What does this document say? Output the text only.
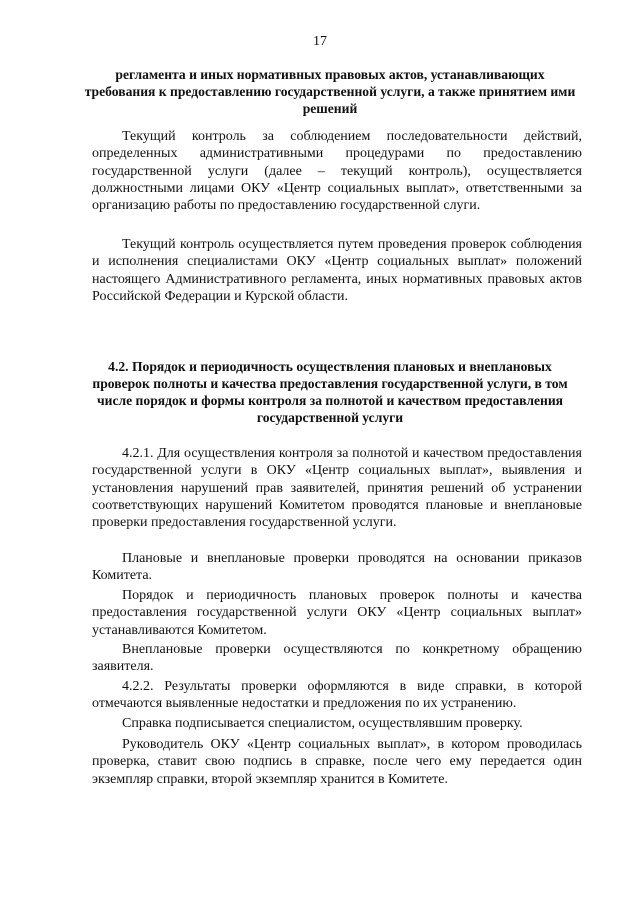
17
регламента и иных нормативных правовых актов, устанавливающих требования к предоставлению государственной услуги, а также принятием ими решений
Текущий контроль за соблюдением последовательности действий, определенных административными процедурами по предоставлению государственной услуги (далее – текущий контроль), осуществляется должностными лицами ОКУ «Центр социальных выплат», ответственными за организацию работы по предоставлению государственной слуги.
Текущий контроль осуществляется путем проведения проверок соблюдения и исполнения специалистами ОКУ «Центр социальных выплат» положений настоящего Административного регламента, иных нормативных правовых актов Российской Федерации и Курской области.
4.2. Порядок и периодичность осуществления плановых и внеплановых проверок полноты и качества предоставления государственной услуги, в том числе порядок и формы контроля за полнотой и качеством предоставления государственной услуги
4.2.1. Для осуществления контроля за полнотой и качеством предоставления государственной услуги в ОКУ «Центр социальных выплат», выявления и установления нарушений прав заявителей, принятия решений об устранении соответствующих нарушений Комитетом проводятся плановые и внеплановые проверки предоставления государственной услуги.
Плановые и внеплановые проверки проводятся на основании приказов Комитета.
Порядок и периодичность плановых проверок полноты и качества предоставления государственной услуги ОКУ «Центр социальных выплат» устанавливаются Комитетом.
Внеплановые проверки осуществляются по конкретному обращению заявителя.
4.2.2. Результаты проверки оформляются в виде справки, в которой отмечаются выявленные недостатки и предложения по их устранению.
Справка подписывается специалистом, осуществлявшим проверку.
Руководитель ОКУ «Центр социальных выплат», в котором проводилась проверка, ставит свою подпись в справке, после чего ему передается один экземпляр справки, второй экземпляр хранится в Комитете.
